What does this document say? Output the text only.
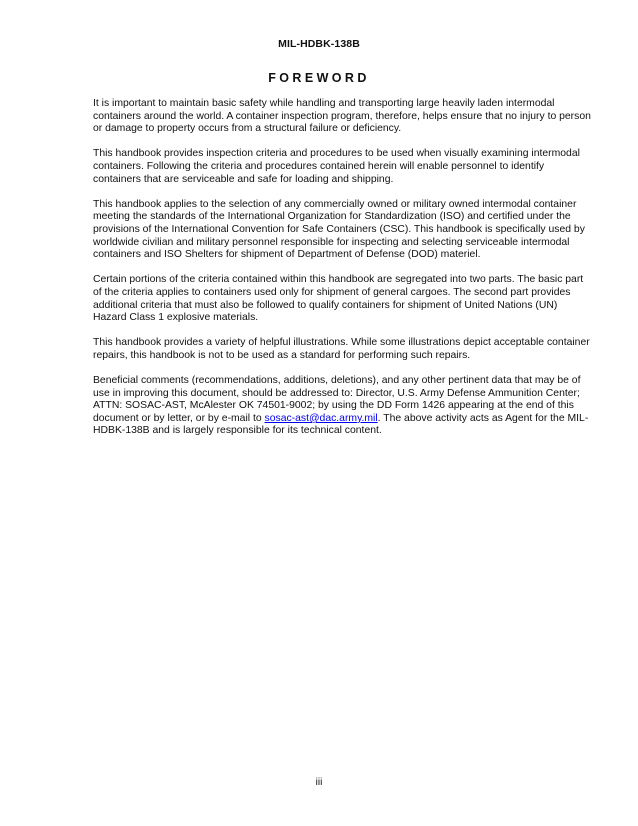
MIL-HDBK-138B
FOREWORD

It is important to maintain basic safety while handling and transporting large heavily laden intermodal containers around the world. A container inspection program, therefore, helps ensure that no injury to person or damage to property occurs from a structural failure or deficiency.

This handbook provides inspection criteria and procedures to be used when visually examining intermodal containers. Following the criteria and procedures contained herein will enable personnel to identify containers that are serviceable and safe for loading and shipping.

This handbook applies to the selection of any commercially owned or military owned intermodal container meeting the standards of the International Organization for Standardization (ISO) and certified under the provisions of the International Convention for Safe Containers (CSC). This handbook is specifically used by worldwide civilian and military personnel responsible for inspecting and selecting serviceable intermodal containers and ISO Shelters for shipment of Department of Defense (DOD) materiel.

Certain portions of the criteria contained within this handbook are segregated into two parts. The basic part of the criteria applies to containers used only for shipment of general cargoes. The second part provides additional criteria that must also be followed to qualify containers for shipment of United Nations (UN) Hazard Class 1 explosive materials.

This handbook provides a variety of helpful illustrations. While some illustrations depict acceptable container repairs, this handbook is not to be used as a standard for performing such repairs.

Beneficial comments (recommendations, additions, deletions), and any other pertinent data that may be of use in improving this document, should be addressed to: Director, U.S. Army Defense Ammunition Center; ATTN: SOSAC-AST, McAlester OK 74501-9002; by using the DD Form 1426 appearing at the end of this document or by letter, or by e-mail to sosac-ast@dac.army.mil. The above activity acts as Agent for the MIL-HDBK-138B and is largely responsible for its technical content.

iii
